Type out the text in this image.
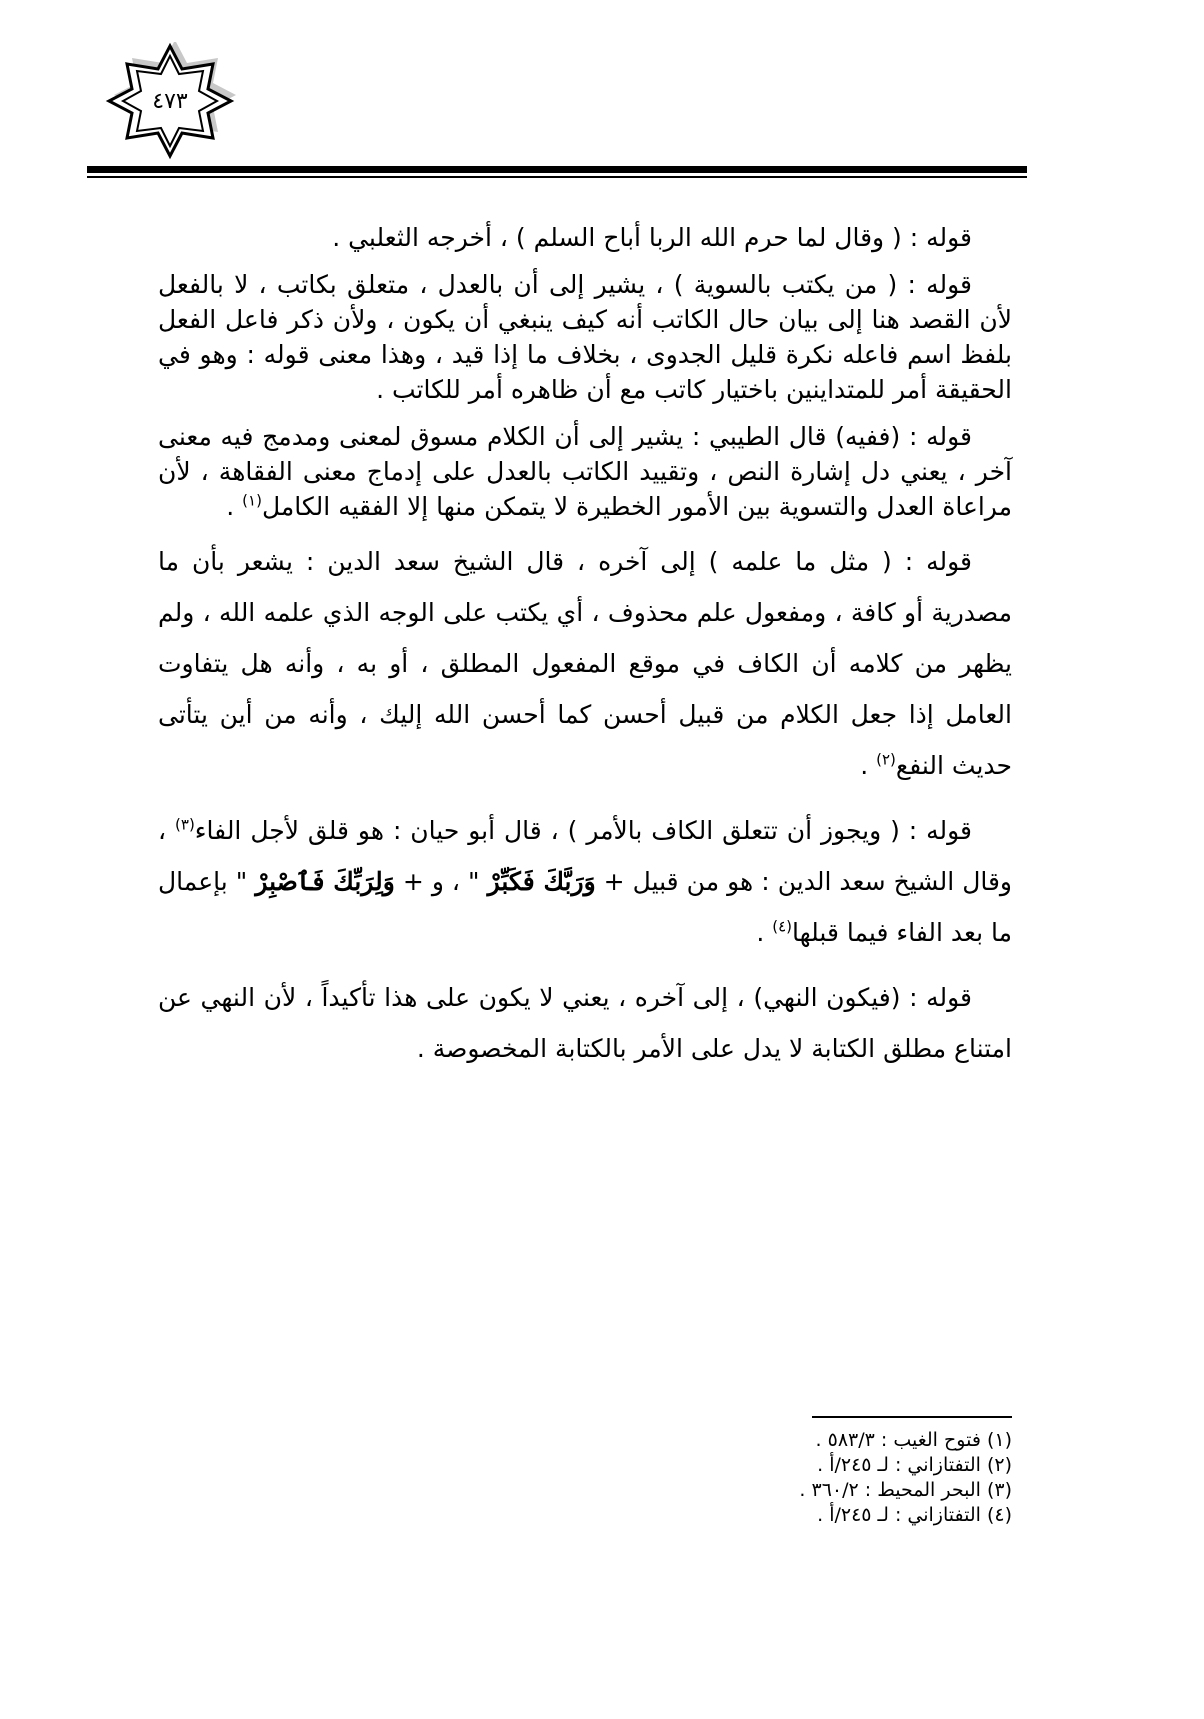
٤٧٣

قوله : ( وقال لما حرم الله الربا أباح السلم ) ، أخرجه الثعلبي .

قوله : ( من يكتب بالسوية ) ، يشير إلى أن بالعدل ، متعلق بكاتب ، لا بالفعل لأن القصد هنا إلى بيان حال الكاتب أنه كيف ينبغي أن يكون ، ولأن ذكر فاعل الفعل بلفظ اسم فاعله نكرة قليل الجدوى ، بخلاف ما إذا قيد ، وهذا معنى قوله : وهو في الحقيقة أمر للمتداينين باختيار كاتب مع أن ظاهره أمر للكاتب .

قوله : (ففيه) قال الطيبي : يشير إلى أن الكلام مسوق لمعنى ومدمج فيه معنى آخر ، يعني دل إشارة النص ، وتقييد الكاتب بالعدل على إدماج معنى الفقاهة ، لأن مراعاة العدل والتسوية بين الأمور الخطيرة لا يتمكن منها إلا الفقيه الكامل$^{(١)}$ .

قوله : ( مثل ما علمه ) إلى آخره ، قال الشيخ سعد الدين : يشعر بأن ما مصدرية أو كافة ، ومفعول علم محذوف ، أي يكتب على الوجه الذي علمه الله ، ولم يظهر من كلامه أن الكاف في موقع المفعول المطلق ، أو به ، وأنه هل يتفاوت العامل إذا جعل الكلام من قبيل أحسن كما أحسن الله إليك ، وأنه من أين يتأتى حديث النفع$^{(٢)}$ .

قوله : ( ويجوز أن تتعلق الكاف بالأمر ) ، قال أبو حيان : هو قلق لأجل الفاء$^{(٣)}$ ، وقال الشيخ سعد الدين : هو من قبيل + وَرَبَّكَ فَكَبِّرْ " ، و + وَلِرَبِّكَ فَٱصْبِرْ " بإعمال ما بعد الفاء فيما قبلها$^{(٤)}$ .

قوله : (فيكون النهي) ، إلى آخره ، يعني لا يكون على هذا تأكيداً ، لأن النهي عن امتناع مطلق الكتابة لا يدل على الأمر بالكتابة المخصوصة .

(١) فتوح الغيب : ٥٨٣/٣ .

(٢) التفتازاني : لـ ٢٤٥/أ .

(٣) البحر المحيط : ٣٦٠/٢ .

(٤) التفتازاني : لـ ٢٤٥/أ .
